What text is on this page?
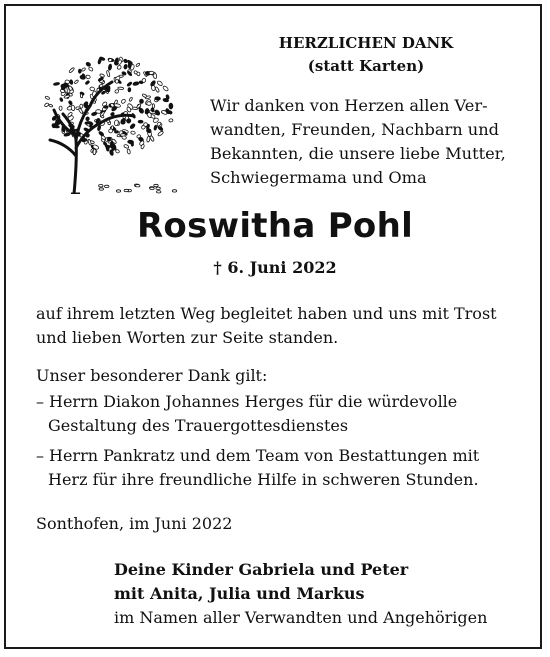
HERZLICHEN DANK

(statt Karten)

Wir danken von Herzen allen Ver-
wandten, Freunden, Nachbarn und
Bekannten, die unsere liebe Mutter,
Schwiegermama und Oma
Roswitha Pohl

† 6. Juni 2022

auf ihrem letzten Weg begleitet haben und uns mit Trost
und lieben Worten zur Seite standen.

Unser besonderer Dank gilt:

– Herrn Diakon Johannes Herges für die würdevolle
Gestaltung des Trauergottesdienstes
– Herrn Pankratz und dem Team von Bestattungen mit
Herz für ihre freundliche Hilfe in schweren Stunden.

Sonthofen, im Juni 2022

Deine Kinder Gabriela und Peter
mit Anita, Julia und Markus
im Namen aller Verwandten und Angehörigen
